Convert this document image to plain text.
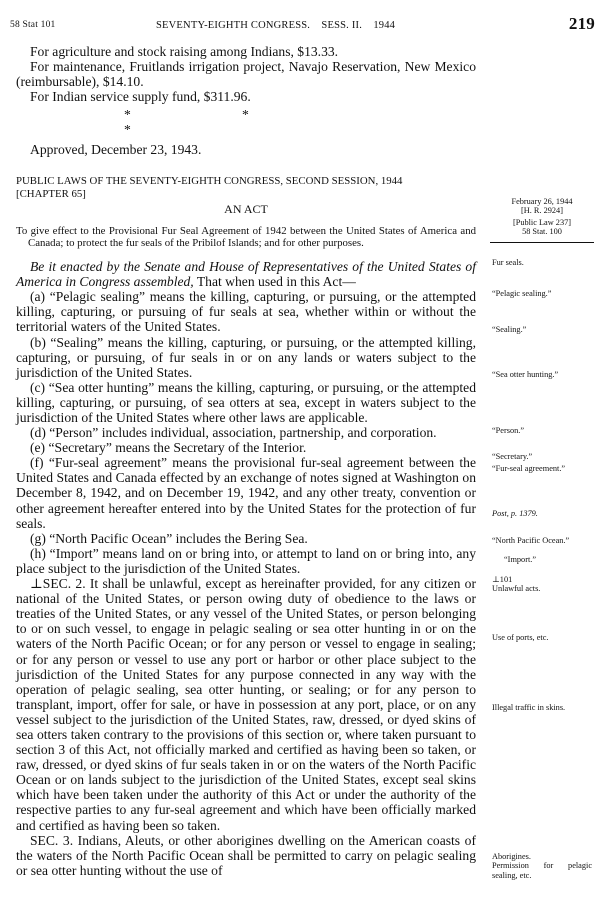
58 Stat 101	SEVENTY-EIGHTH CONGRESS.    SESS. II.    1944	219

For agriculture and stock raising among Indians, $13.33.

For maintenance, Fruitlands irrigation project, Navajo Reservation, New Mexico (reimbursable), $14.10.

For Indian service supply fund, $311.96.

*	**

Approved, December 23, 1943.

PUBLIC LAWS OF THE SEVENTY-EIGHTH CONGRESS, SECOND SESSION, 1944

[CHAPTER 65]

AN ACT

To give effect to the Provisional Fur Seal Agreement of 1942 between the United States of America and Canada; to protect the fur seals of the Pribilof Islands; and for other purposes.

Be it enacted by the Senate and House of Representatives of the United States of America in Congress assembled, That when used in this Act—

(a) “Pelagic sealing” means the killing, capturing, or pursuing, or the attempted killing, capturing, or pursuing of fur seals at sea, whether within or without the territorial waters of the United States.

(b) “Sealing” means the killing, capturing, or pursuing, or the attempted killing, capturing, or pursuing, of fur seals in or on any lands or waters subject to the jurisdiction of the United States.

(c) “Sea otter hunting” means the killing, capturing, or pursuing, or the attempted killing, capturing, or pursuing, of sea otters at sea, except in waters subject to the jurisdiction of the United States where other laws are applicable.

(d) “Person” includes individual, association, partnership, and corporation.

(e) “Secretary” means the Secretary of the Interior.

(f) “Fur-seal agreement” means the provisional fur-seal agreement between the United States and Canada effected by an exchange of notes signed at Washington on December 8, 1942, and on December 19, 1942, and any other treaty, convention or other agreement hereafter entered into by the United States for the protection of fur seals.

(g) “North Pacific Ocean” includes the Bering Sea.

(h) “Import” means land on or bring into, or attempt to land on or bring into, any place subject to the jurisdiction of the United States.

⊥SEC. 2. It shall be unlawful, except as hereinafter provided, for any citizen or national of the United States, or person owing duty of obedience to the laws or treaties of the United States, or any vessel of the United States, or person belonging to or on such vessel, to engage in pelagic sealing or sea otter hunting in or on the waters of the North Pacific Ocean; or for any person or vessel to engage in sealing; or for any person or vessel to use any port or harbor or other place subject to the jurisdiction of the United States for any purpose connected in any way with the operation of pelagic sealing, sea otter hunting, or sealing; or for any person to transplant, import, offer for sale, or have in possession at any port, place, or on any vessel subject to the jurisdiction of the United States, raw, dressed, or dyed skins of sea otters taken contrary to the provisions of this section or, where taken pursuant to section 3 of this Act, not officially marked and certified as having been so taken, or raw, dressed, or dyed skins of fur seals taken in or on the waters of the North Pacific Ocean or on lands subject to the jurisdiction of the United States, except seal skins which have been taken under the authority of this Act or under the authority of the respective parties to any fur-seal agreement and which have been officially marked and certified as having been so taken.

SEC. 3. Indians, Aleuts, or other aborigines dwelling on the American coasts of the waters of the North Pacific Ocean shall be permitted to carry on pelagic sealing or sea otter hunting without the use of

February 26, 1944
[H. R. 2924]
[Public Law 237]
58 Stat. 100
Fur seals.
“Pelagic sealing.”
“Sealing.”
“Sea otter hunting.”
“Person.”
“Secretary.”
“Fur-seal agreement.”
Post, p. 1379.
“North Pacific Ocean.”
“Import.”
⊥101
Unlawful acts.
Use of ports, etc.
Illegal traffic in skins.
Aborigines.
Permission for pelagic sealing, etc.
